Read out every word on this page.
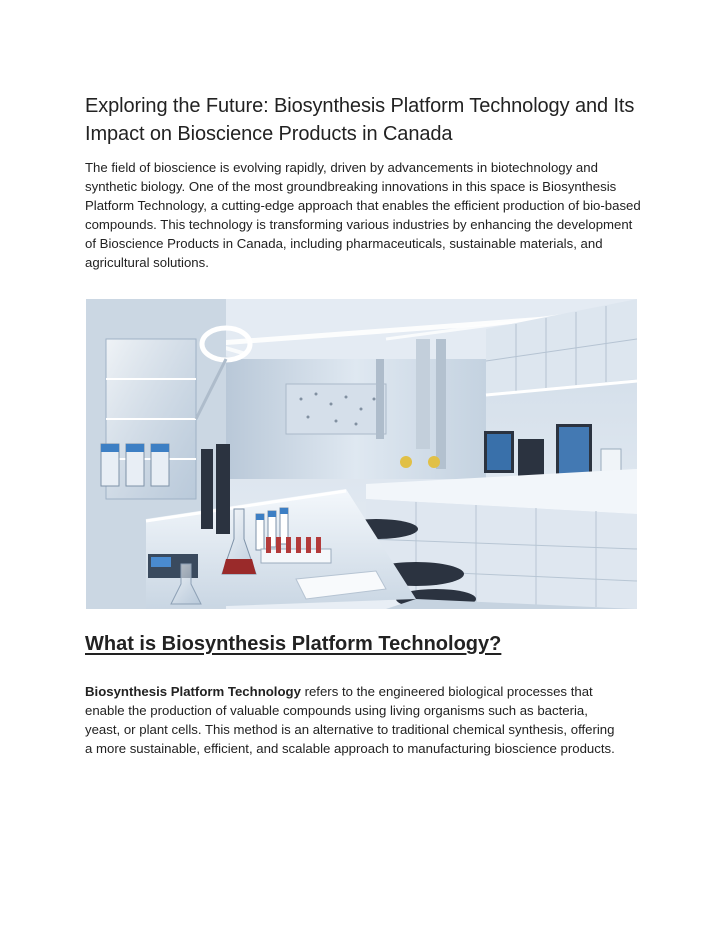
Exploring the Future: Biosynthesis Platform Technology and Its Impact on Bioscience Products in Canada

The field of bioscience is evolving rapidly, driven by advancements in biotechnology and synthetic biology. One of the most groundbreaking innovations in this space is Biosynthesis Platform Technology, a cutting-edge approach that enables the efficient production of bio-based compounds. This technology is transforming various industries by enhancing the development of Bioscience Products in Canada, including pharmaceuticals, sustainable materials, and agricultural solutions.

What is Biosynthesis Platform Technology?

Biosynthesis Platform Technology refers to the engineered biological processes that enable the production of valuable compounds using living organisms such as bacteria, yeast, or plant cells. This method is an alternative to traditional chemical synthesis, offering a more sustainable, efficient, and scalable approach to manufacturing bioscience products.
